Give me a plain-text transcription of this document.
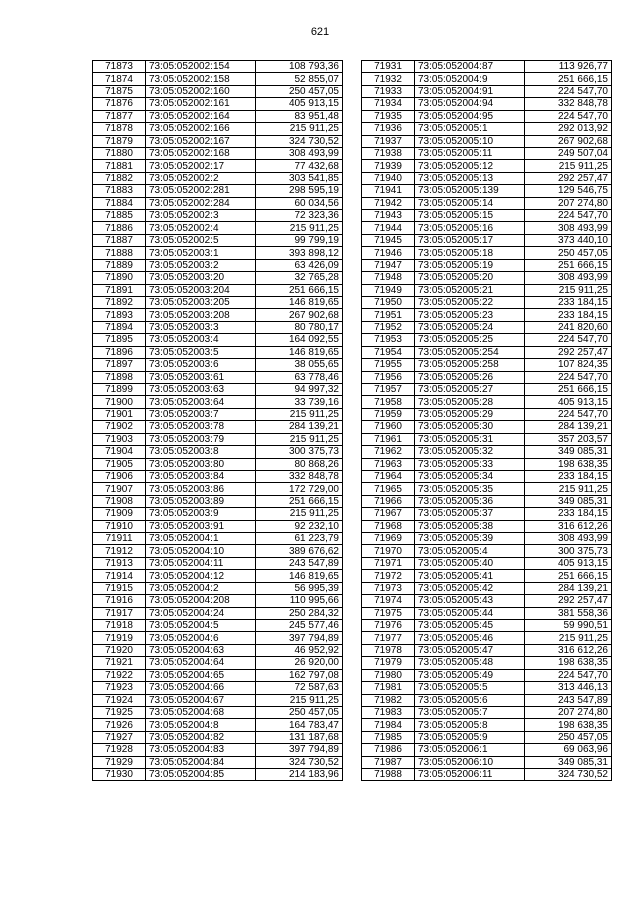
621
71873	73:05:052002:154	108 793,36
71874	73:05:052002:158	52 855,07
71875	73:05:052002:160	250 457,05
71876	73:05:052002:161	405 913,15
71877	73:05:052002:164	83 951,48
71878	73:05:052002:166	215 911,25
71879	73:05:052002:167	324 730,52
71880	73:05:052002:168	308 493,99
71881	73:05:052002:17	77 432,68
71882	73:05:052002:2	303 541,85
71883	73:05:052002:281	298 595,19
71884	73:05:052002:284	60 034,56
71885	73:05:052002:3	72 323,36
71886	73:05:052002:4	215 911,25
71887	73:05:052002:5	99 799,19
71888	73:05:052003:1	393 898,12
71889	73:05:052003:2	63 426,09
71890	73:05:052003:20	32 765,28
71891	73:05:052003:204	251 666,15
71892	73:05:052003:205	146 819,65
71893	73:05:052003:208	267 902,68
71894	73:05:052003:3	80 780,17
71895	73:05:052003:4	164 092,55
71896	73:05:052003:5	146 819,65
71897	73:05:052003:6	38 055,65
71898	73:05:052003:61	63 778,46
71899	73:05:052003:63	94 997,32
71900	73:05:052003:64	33 739,16
71901	73:05:052003:7	215 911,25
71902	73:05:052003:78	284 139,21
71903	73:05:052003:79	215 911,25
71904	73:05:052003:8	300 375,73
71905	73:05:052003:80	80 868,26
71906	73:05:052003:84	332 848,78
71907	73:05:052003:86	172 729,00
71908	73:05:052003:89	251 666,15
71909	73:05:052003:9	215 911,25
71910	73:05:052003:91	92 232,10
71911	73:05:052004:1	61 223,79
71912	73:05:052004:10	389 676,62
71913	73:05:052004:11	243 547,89
71914	73:05:052004:12	146 819,65
71915	73:05:052004:2	56 995,39
71916	73:05:052004:208	110 995,66
71917	73:05:052004:24	250 284,32
71918	73:05:052004:5	245 577,46
71919	73:05:052004:6	397 794,89
71920	73:05:052004:63	46 952,92
71921	73:05:052004:64	26 920,00
71922	73:05:052004:65	162 797,08
71923	73:05:052004:66	72 587,63
71924	73:05:052004:67	215 911,25
71925	73:05:052004:68	250 457,05
71926	73:05:052004:8	164 783,47
71927	73:05:052004:82	131 187,68
71928	73:05:052004:83	397 794,89
71929	73:05:052004:84	324 730,52
71930	73:05:052004:85	214 183,96
71931	73:05:052004:87	113 926,77
71932	73:05:052004:9	251 666,15
71933	73:05:052004:91	224 547,70
71934	73:05:052004:94	332 848,78
71935	73:05:052004:95	224 547,70
71936	73:05:052005:1	292 013,92
71937	73:05:052005:10	267 902,68
71938	73:05:052005:11	249 507,04
71939	73:05:052005:12	215 911,25
71940	73:05:052005:13	292 257,47
71941	73:05:052005:139	129 546,75
71942	73:05:052005:14	207 274,80
71943	73:05:052005:15	224 547,70
71944	73:05:052005:16	308 493,99
71945	73:05:052005:17	373 440,10
71946	73:05:052005:18	250 457,05
71947	73:05:052005:19	251 666,15
71948	73:05:052005:20	308 493,99
71949	73:05:052005:21	215 911,25
71950	73:05:052005:22	233 184,15
71951	73:05:052005:23	233 184,15
71952	73:05:052005:24	241 820,60
71953	73:05:052005:25	224 547,70
71954	73:05:052005:254	292 257,47
71955	73:05:052005:258	107 824,35
71956	73:05:052005:26	224 547,70
71957	73:05:052005:27	251 666,15
71958	73:05:052005:28	405 913,15
71959	73:05:052005:29	224 547,70
71960	73:05:052005:30	284 139,21
71961	73:05:052005:31	357 203,57
71962	73:05:052005:32	349 085,31
71963	73:05:052005:33	198 638,35
71964	73:05:052005:34	233 184,15
71965	73:05:052005:35	215 911,25
71966	73:05:052005:36	349 085,31
71967	73:05:052005:37	233 184,15
71968	73:05:052005:38	316 612,26
71969	73:05:052005:39	308 493,99
71970	73:05:052005:4	300 375,73
71971	73:05:052005:40	405 913,15
71972	73:05:052005:41	251 666,15
71973	73:05:052005:42	284 139,21
71974	73:05:052005:43	292 257,47
71975	73:05:052005:44	381 558,36
71976	73:05:052005:45	59 990,51
71977	73:05:052005:46	215 911,25
71978	73:05:052005:47	316 612,26
71979	73:05:052005:48	198 638,35
71980	73:05:052005:49	224 547,70
71981	73:05:052005:5	313 446,13
71982	73:05:052005:6	243 547,89
71983	73:05:052005:7	207 274,80
71984	73:05:052005:8	198 638,35
71985	73:05:052005:9	250 457,05
71986	73:05:052006:1	69 063,96
71987	73:05:052006:10	349 085,31
71988	73:05:052006:11	324 730,52
